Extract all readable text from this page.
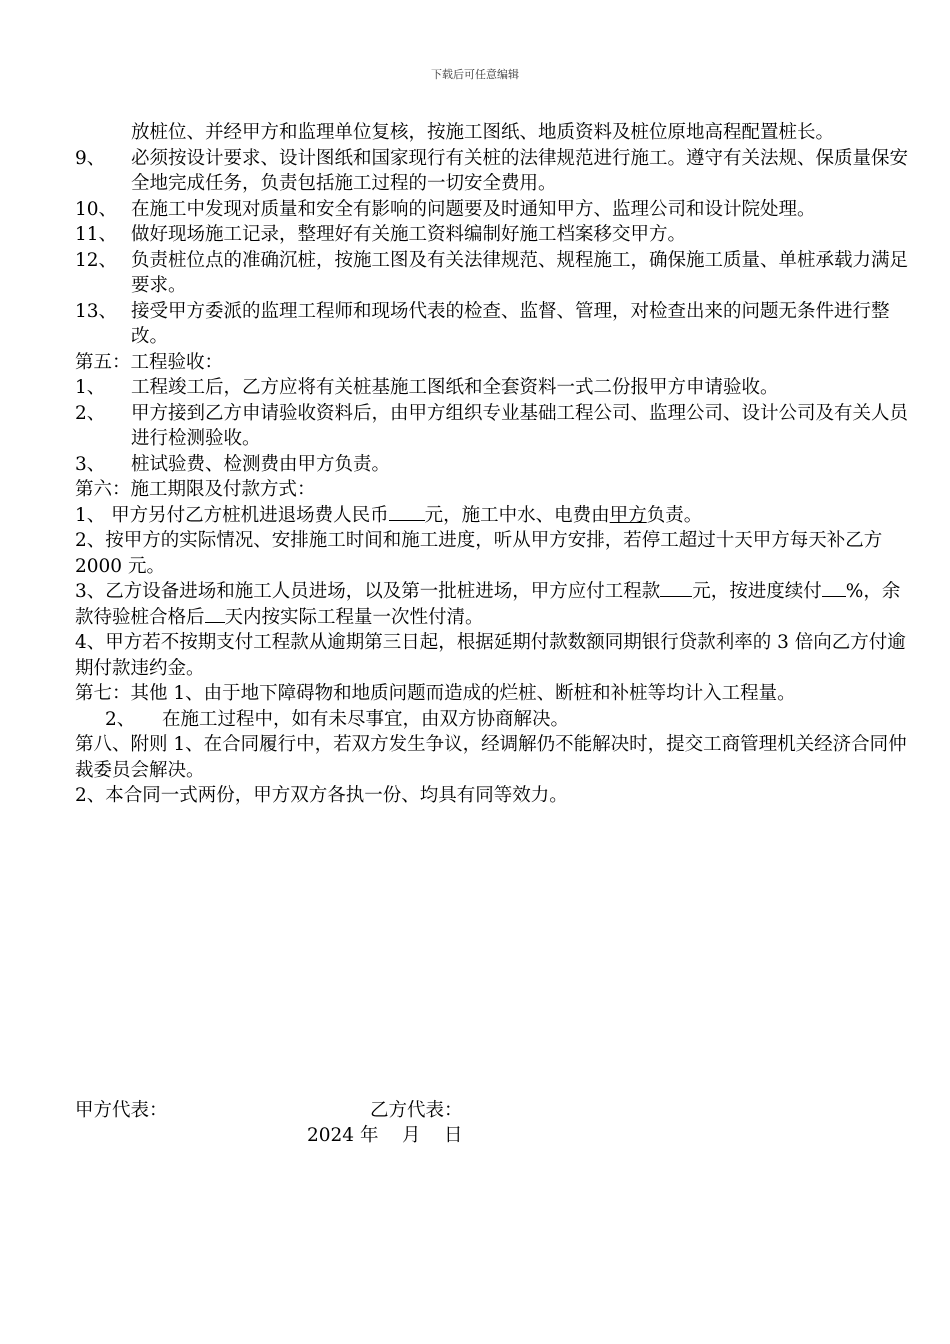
下载后可任意编辑
放桩位、并经甲方和监理单位复核，按施工图纸、地质资料及桩位原地高程配置桩长。
9、	必须按设计要求、设计图纸和国家现行有关桩的法律规范进行施工。遵守有关法规、保质量保安全地完成任务，负责包括施工过程的一切安全费用。
10、 在施工中发现对质量和安全有影响的问题要及时通知甲方、监理公司和设计院处理。
11、 做好现场施工记录，整理好有关施工资料编制好施工档案移交甲方。
12、 负责桩位点的准确沉桩，按施工图及有关法律规范、规程施工，确保施工质量、单桩承载力满足要求。
13、 接受甲方委派的监理工程师和现场代表的检查、监督、管理，对检查出来的问题无条件进行整改。
第五：工程验收：
1、	工程竣工后，乙方应将有关桩基施工图纸和全套资料一式二份报甲方申请验收。
2、	甲方接到乙方申请验收资料后，由甲方组织专业基础工程公司、监理公司、设计公司及有关人员进行检测验收。
3、	桩试验费、检测费由甲方负责。
第六：施工期限及付款方式：
1、 甲方另付乙方桩机进退场费人民币 元，施工中水、电费由甲方负责。
2、按甲方的实际情况、安排施工时间和施工进度，听从甲方安排，若停工超过十天甲方每天补乙方 2000 元。
3、乙方设备进场和施工人员进场，以及第一批桩进场，甲方应付工程款 元，按进度续付 %，余款待验桩合格后 天内按实际工程量一次性付清。
4、甲方若不按期支付工程款从逾期第三日起，根据延期付款数额同期银行贷款利率的 3 倍向乙方付逾期付款违约金。
第七：其他 1、由于地下障碍物和地质问题而造成的烂桩、断桩和补桩等均计入工程量。
2、 在施工过程中，如有未尽事宜，由双方协商解决。
第八、附则 1、在合同履行中，若双方发生争议，经调解仍不能解决时，提交工商管理机关经济合同仲裁委员会解决。
2、本合同一式两份，甲方双方各执一份、均具有同等效力。
甲方代表：	乙方代表：
2024 年    月    日
